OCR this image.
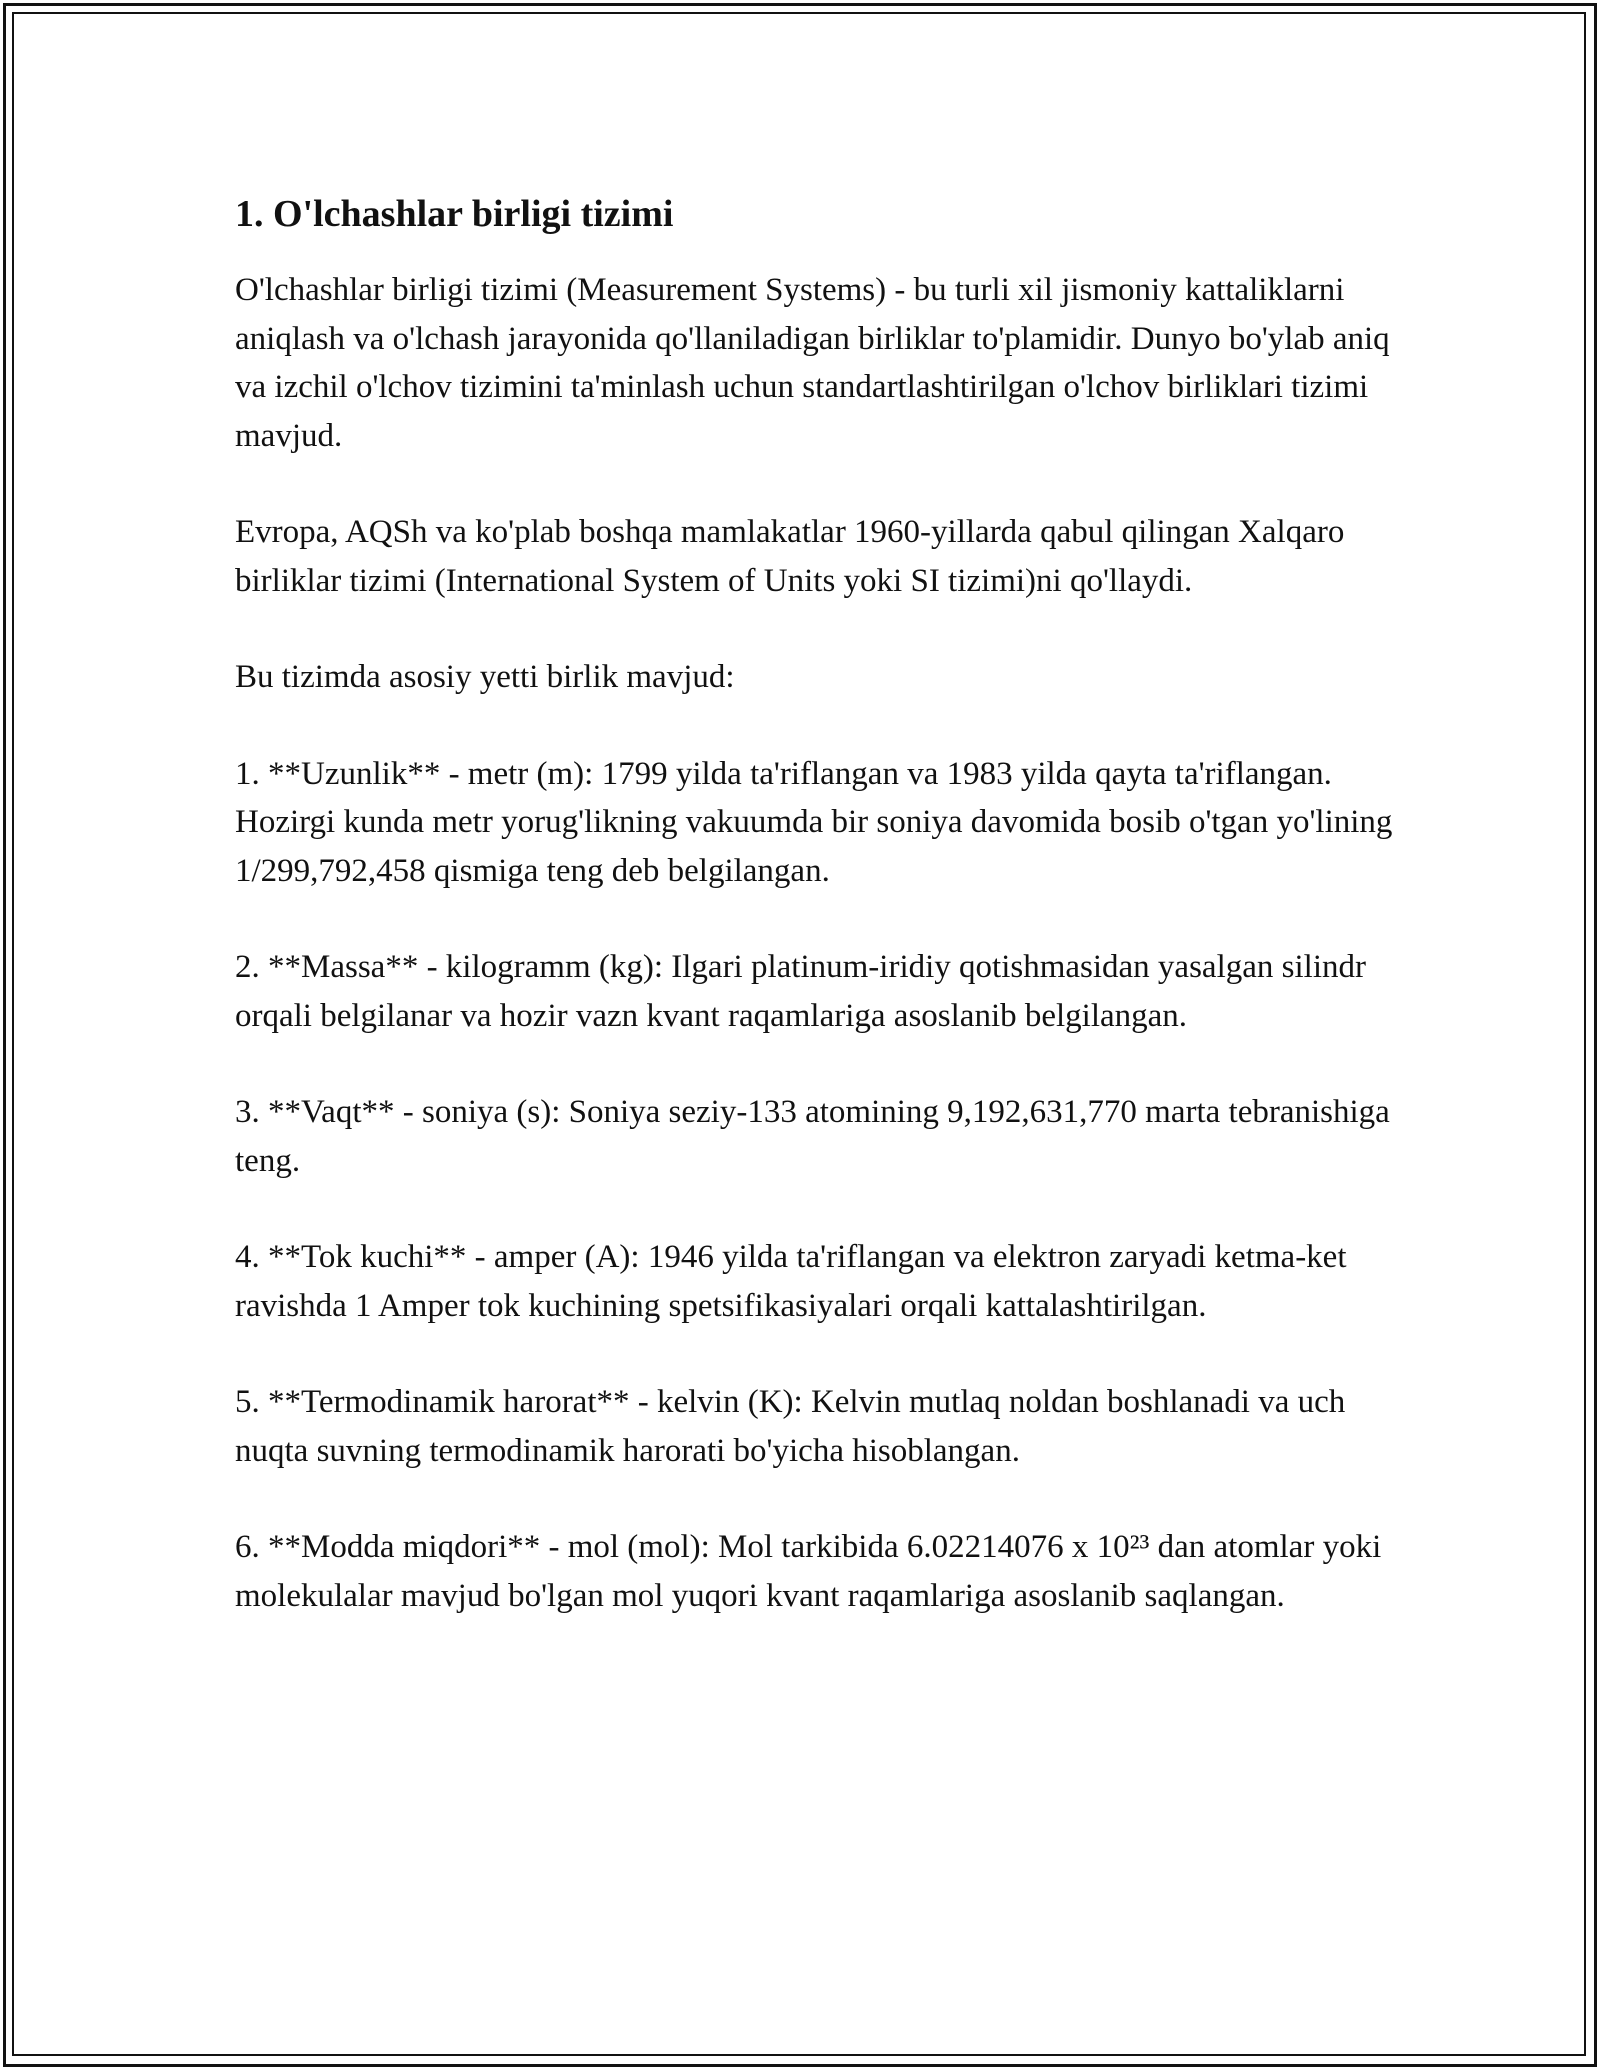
1. O'lchashlar birligi tizimi

O'lchashlar birligi tizimi (Measurement Systems) - bu turli xil jismoniy kattaliklarni aniqlash va o'lchash jarayonida qo'llaniladigan birliklar to'plamidir. Dunyo bo'ylab aniq va izchil o'lchov tizimini ta'minlash uchun standartlashtirilgan o'lchov birliklari tizimi mavjud.

Evropa, AQSh va ko'plab boshqa mamlakatlar 1960-yillarda qabul qilingan Xalqaro birliklar tizimi (International System of Units yoki SI tizimi)ni qo'llaydi.

Bu tizimda asosiy yetti birlik mavjud:

1. **Uzunlik** - metr (m): 1799 yilda ta'riflangan va 1983 yilda qayta ta'riflangan. Hozirgi kunda metr yorug'likning vakuumda bir soniya davomida bosib o'tgan yo'lining 1/299,792,458 qismiga teng deb belgilangan.

2. **Massa** - kilogramm (kg): Ilgari platinum-iridiy qotishmasidan yasalgan silindr orqali belgilanar va hozir vazn kvant raqamlariga asoslanib belgilangan.

3. **Vaqt** - soniya (s): Soniya seziy-133 atomining 9,192,631,770 marta tebranishiga teng.

4. **Tok kuchi** - amper (A): 1946 yilda ta'riflangan va elektron zaryadi ketma-ket ravishda 1 Amper tok kuchining spetsifikasiyalari orqali kattalashtirilgan.

5. **Termodinamik harorat** - kelvin (K): Kelvin mutlaq noldan boshlanadi va uch nuqta suvning termodinamik harorati bo'yicha hisoblangan.

6. **Modda miqdori** - mol (mol): Mol tarkibida 6.02214076 x 10²³ dan atomlar yoki molekulalar mavjud bo'lgan mol yuqori kvant raqamlariga asoslanib saqlangan.
